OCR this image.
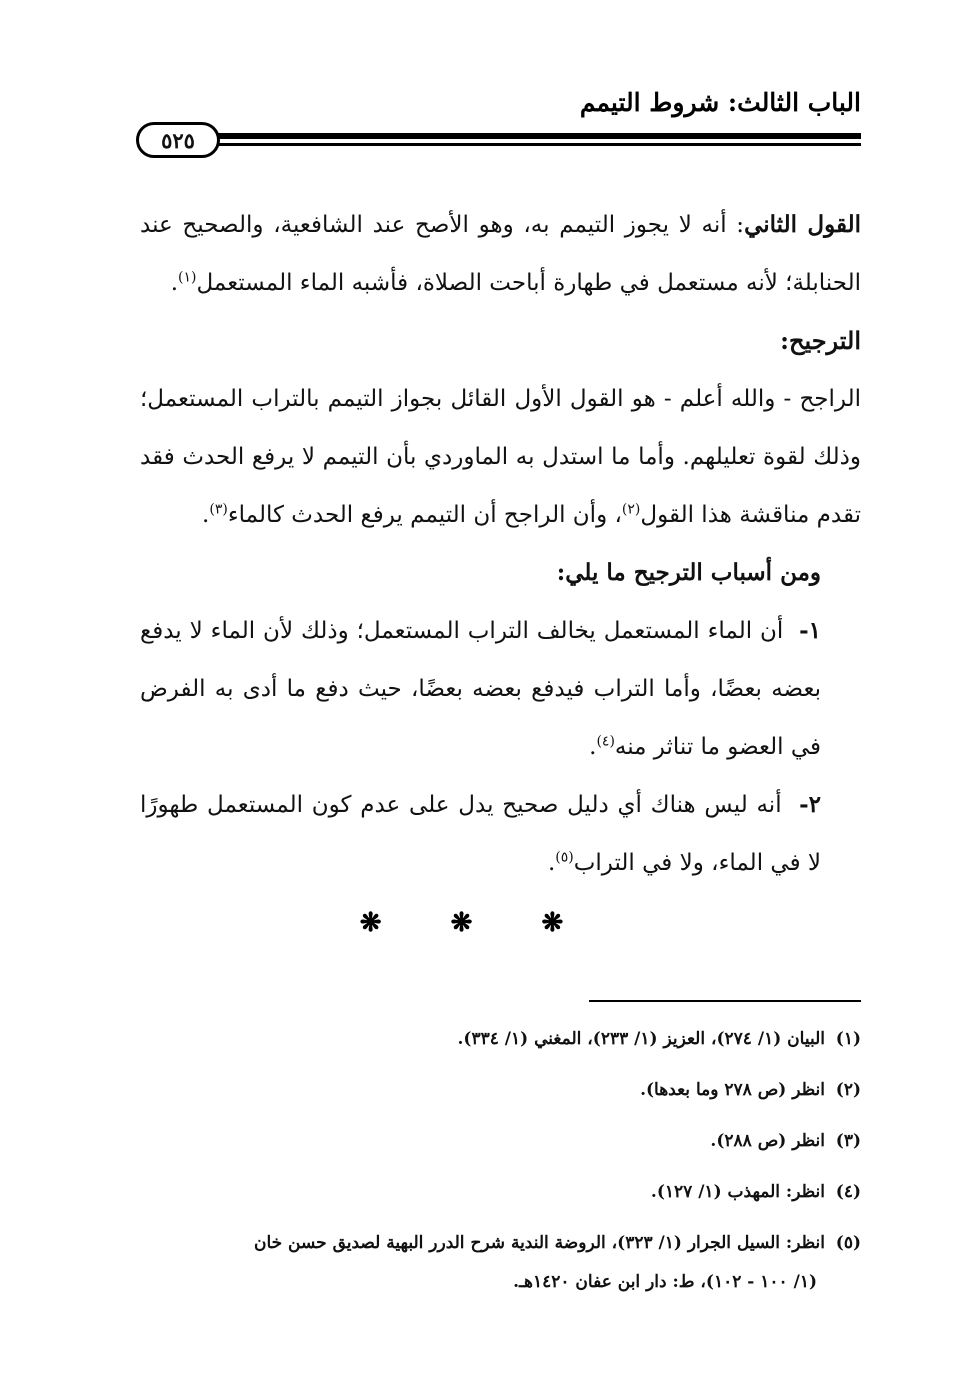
الباب الثالث: شروط التيمم
٥٢٥

القول الثاني: أنه لا يجوز التيمم به، وهو الأصح عند الشافعية، والصحيح عند الحنابلة؛ لأنه مستعمل في طهارة أباحت الصلاة، فأشبه الماء المستعمل$^{(١)}$.

الترجيح:

الراجح - والله أعلم - هو القول الأول القائل بجواز التيمم بالتراب المستعمل؛ وذلك لقوة تعليلهم. وأما ما استدل به الماوردي بأن التيمم لا يرفع الحدث فقد تقدم مناقشة هذا القول$^{(٢)}$، وأن الراجح أن التيمم يرفع الحدث كالماء$^{(٣)}$.

ومن أسباب الترجيح ما يلي:

١-  أن الماء المستعمل يخالف التراب المستعمل؛ وذلك لأن الماء لا يدفع بعضه بعضًا، وأما التراب فيدفع بعضه بعضًا، حيث دفع ما أدى به الفرض في العضو ما تناثر منه$^{(٤)}$.

٢-  أنه ليس هناك أي دليل صحيح يدل على عدم كون المستعمل طهورًا لا في الماء، ولا في التراب$^{(٥)}$.

❋ ❋ ❋

(١)البيان (١/ ٢٧٤)، العزيز (١/ ٢٣٣)، المغني (١/ ٣٣٤).

(٢)انظر (ص ٢٧٨ وما بعدها).

(٣)انظر (ص ٢٨٨).

(٤)انظر: المهذب (١/ ١٢٧).

(٥)انظر: السيل الجرار (١/ ٣٢٣)، الروضة الندية شرح الدرر البهية لصديق حسن خان

(١/ ١٠٠ - ١٠٢)، ط: دار ابن عفان ١٤٢٠هـ.
